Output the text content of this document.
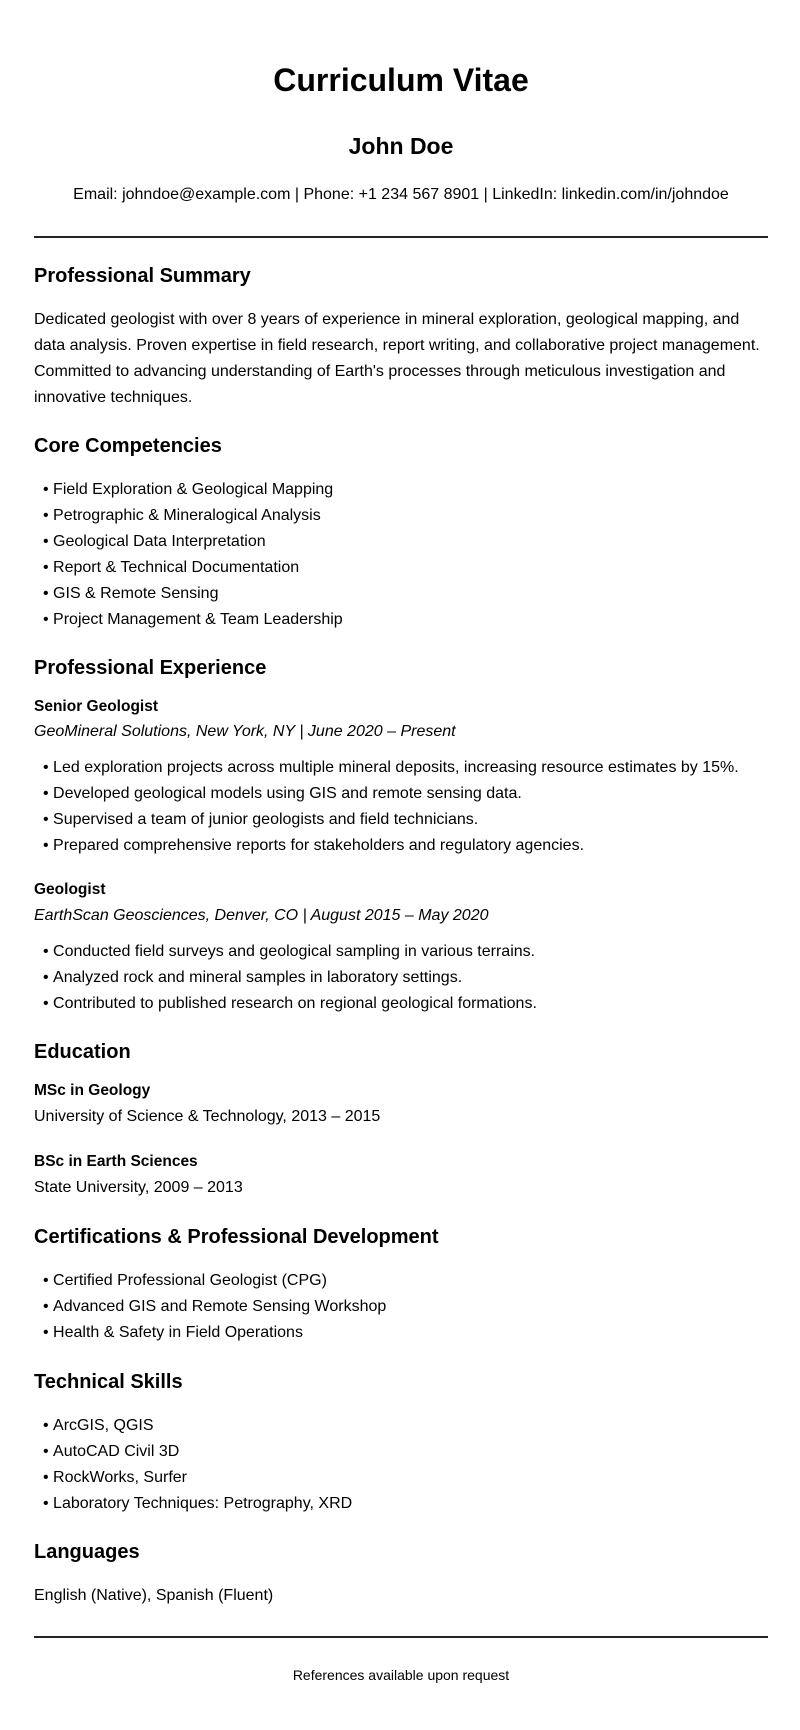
Curriculum Vitae
John Doe
Email: johndoe@example.com | Phone: +1 234 567 8901 | LinkedIn: linkedin.com/in/johndoe
Professional Summary
Dedicated geologist with over 8 years of experience in mineral exploration, geological mapping, and data analysis. Proven expertise in field research, report writing, and collaborative project management. Committed to advancing understanding of Earth's processes through meticulous investigation and innovative techniques.
Core Competencies
• Field Exploration & Geological Mapping
• Petrographic & Mineralogical Analysis
• Geological Data Interpretation
• Report & Technical Documentation
• GIS & Remote Sensing
• Project Management & Team Leadership
Professional Experience
Senior Geologist
GeoMineral Solutions, New York, NY | June 2020 – Present
• Led exploration projects across multiple mineral deposits, increasing resource estimates by 15%.
• Developed geological models using GIS and remote sensing data.
• Supervised a team of junior geologists and field technicians.
• Prepared comprehensive reports for stakeholders and regulatory agencies.
Geologist
EarthScan Geosciences, Denver, CO | August 2015 – May 2020
• Conducted field surveys and geological sampling in various terrains.
• Analyzed rock and mineral samples in laboratory settings.
• Contributed to published research on regional geological formations.
Education
MSc in Geology
University of Science & Technology, 2013 – 2015
BSc in Earth Sciences
State University, 2009 – 2013
Certifications & Professional Development
• Certified Professional Geologist (CPG)
• Advanced GIS and Remote Sensing Workshop
• Health & Safety in Field Operations
Technical Skills
• ArcGIS, QGIS
• AutoCAD Civil 3D
• RockWorks, Surfer
• Laboratory Techniques: Petrography, XRD
Languages
English (Native), Spanish (Fluent)
References available upon request
